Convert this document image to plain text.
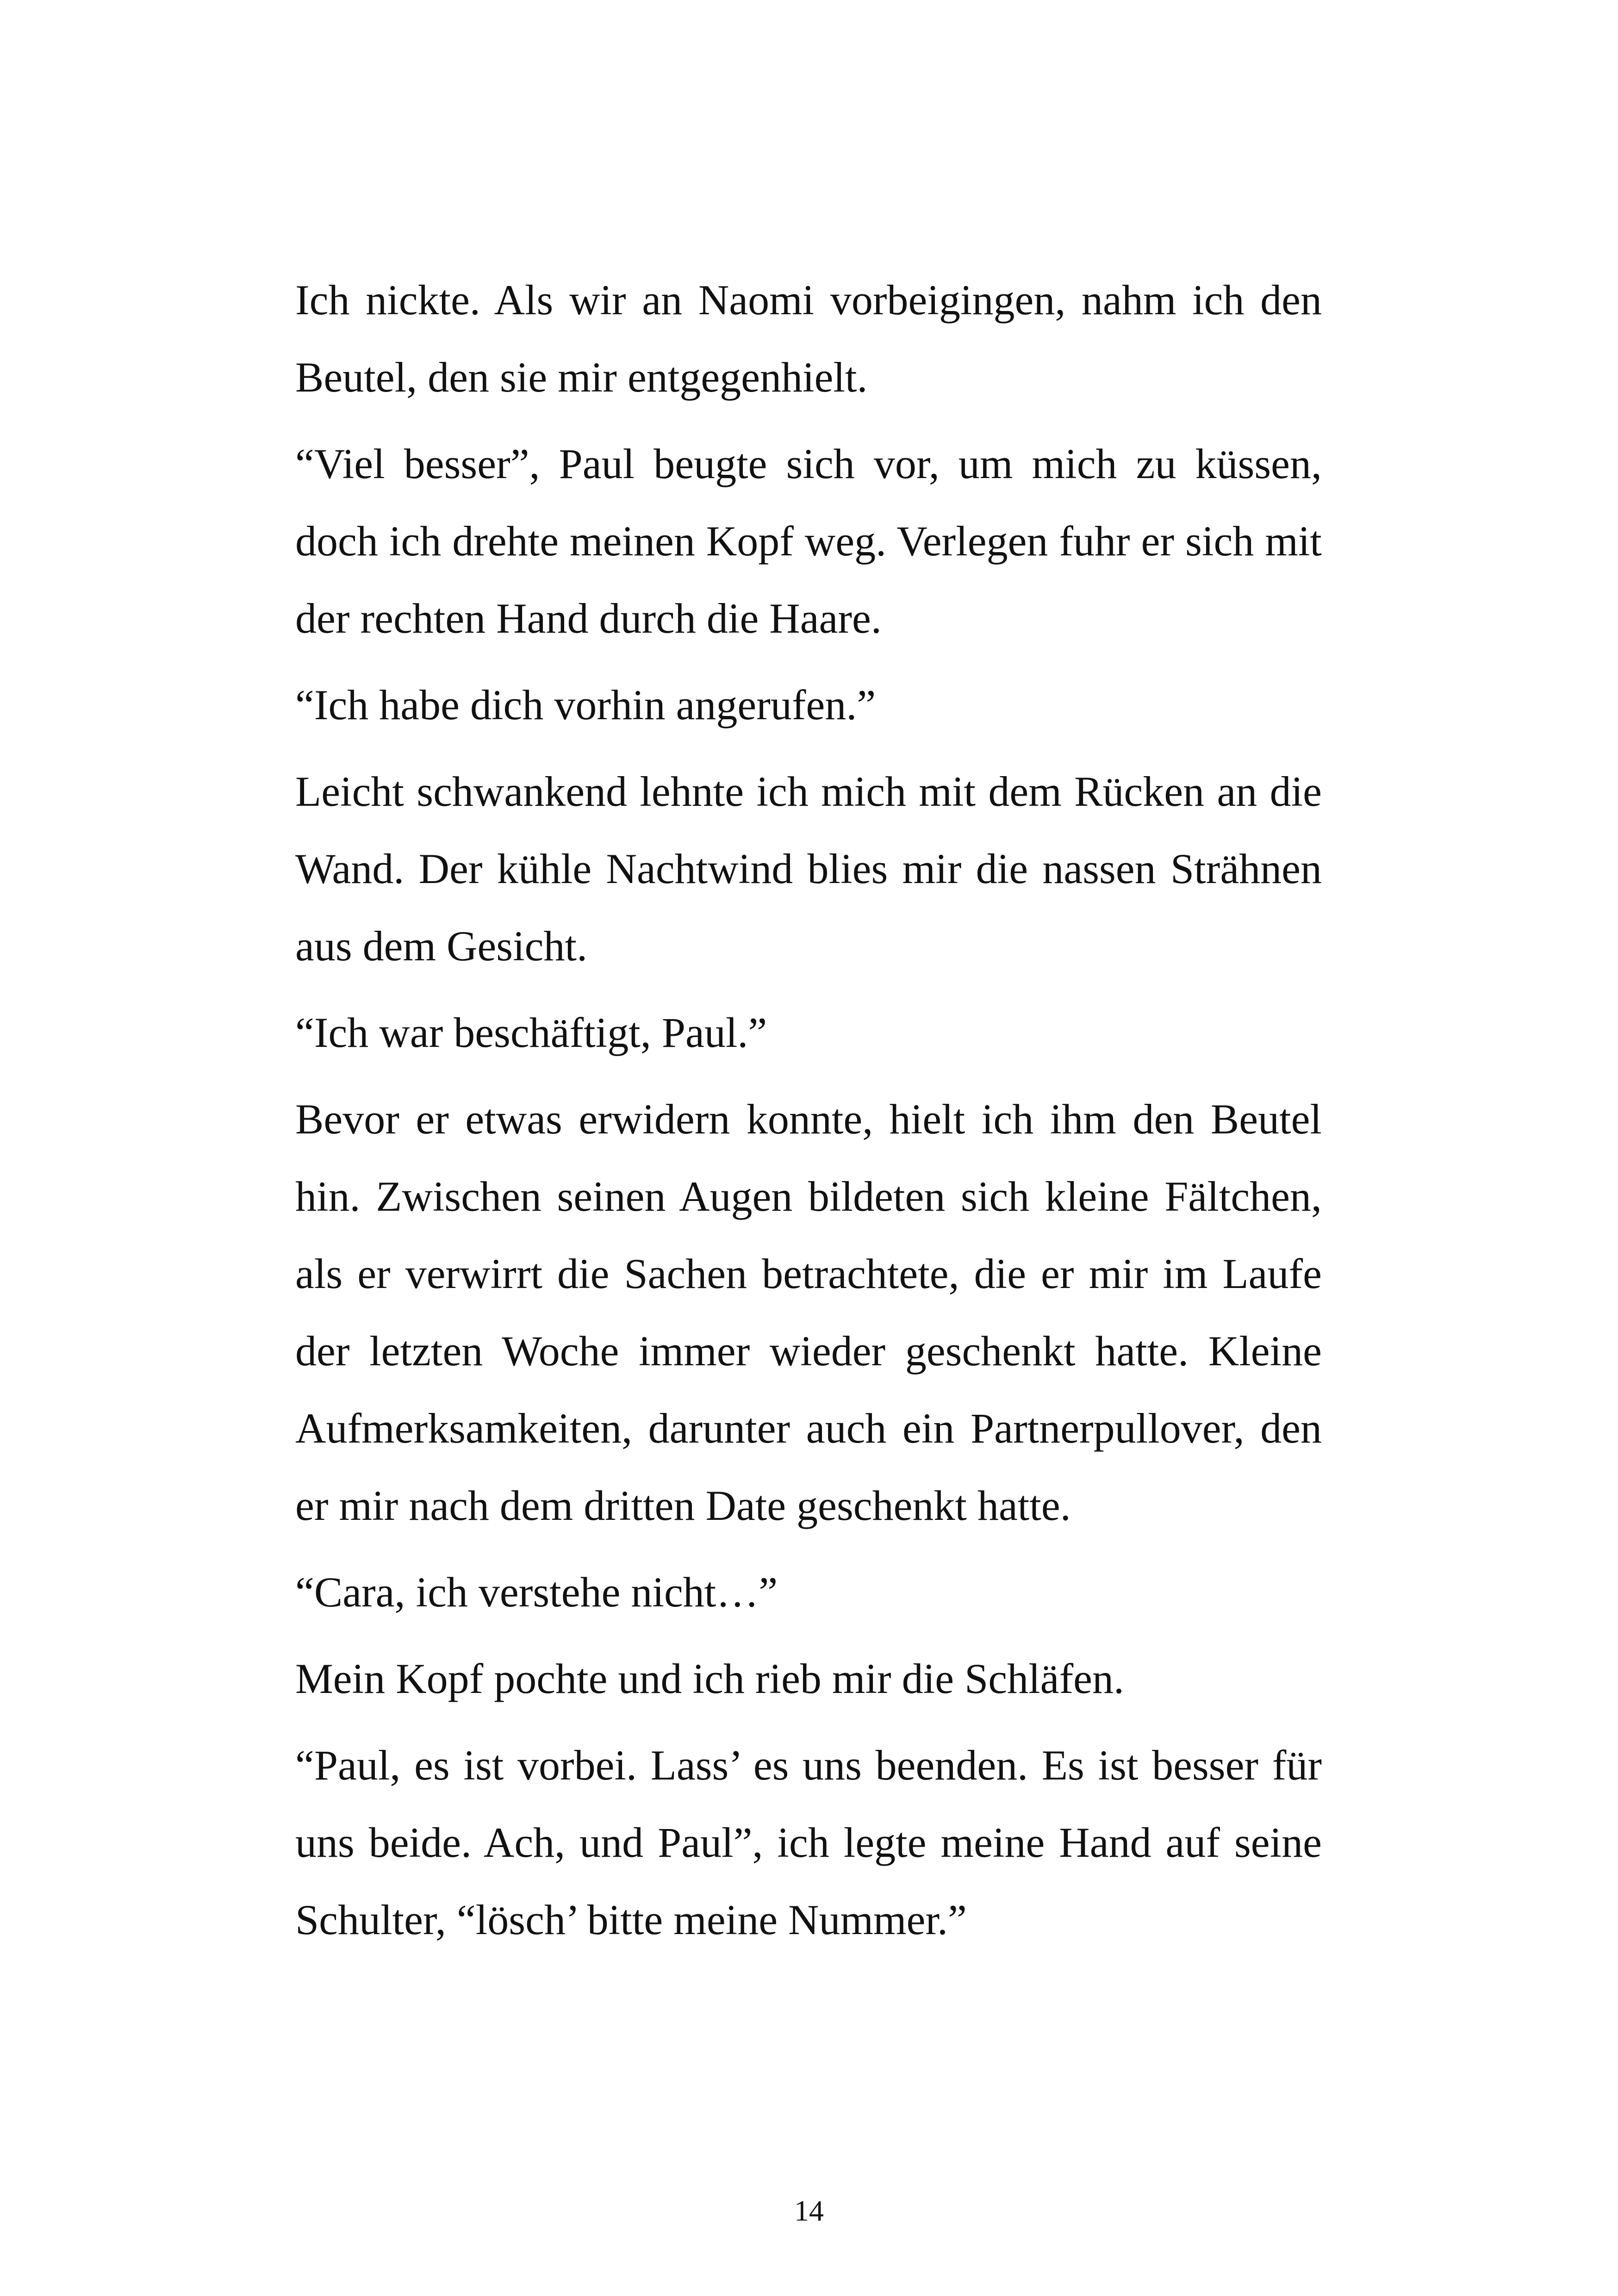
Ich nickte. Als wir an Naomi vorbeigingen, nahm ich den Beutel, den sie mir entgegenhielt.

“Viel besser”, Paul beugte sich vor, um mich zu küssen, doch ich drehte meinen Kopf weg. Verlegen fuhr er sich mit der rechten Hand durch die Haare.

“Ich habe dich vorhin angerufen.”

Leicht schwankend lehnte ich mich mit dem Rücken an die Wand. Der kühle Nachtwind blies mir die nassen Strähnen aus dem Gesicht.

“Ich war beschäftigt, Paul.”

Bevor er etwas erwidern konnte, hielt ich ihm den Beutel hin. Zwischen seinen Augen bildeten sich kleine Fältchen, als er verwirrt die Sachen betrachtete, die er mir im Laufe der letzten Woche immer wieder geschenkt hatte. Kleine Aufmerksamkeiten, darunter auch ein Partnerpullover, den er mir nach dem dritten Date geschenkt hatte.

“Cara, ich verstehe nicht…”

Mein Kopf pochte und ich rieb mir die Schläfen.

“Paul, es ist vorbei. Lass’ es uns beenden. Es ist besser für uns beide. Ach, und Paul”, ich legte meine Hand auf seine Schulter, “lösch’ bitte meine Nummer.”

14
